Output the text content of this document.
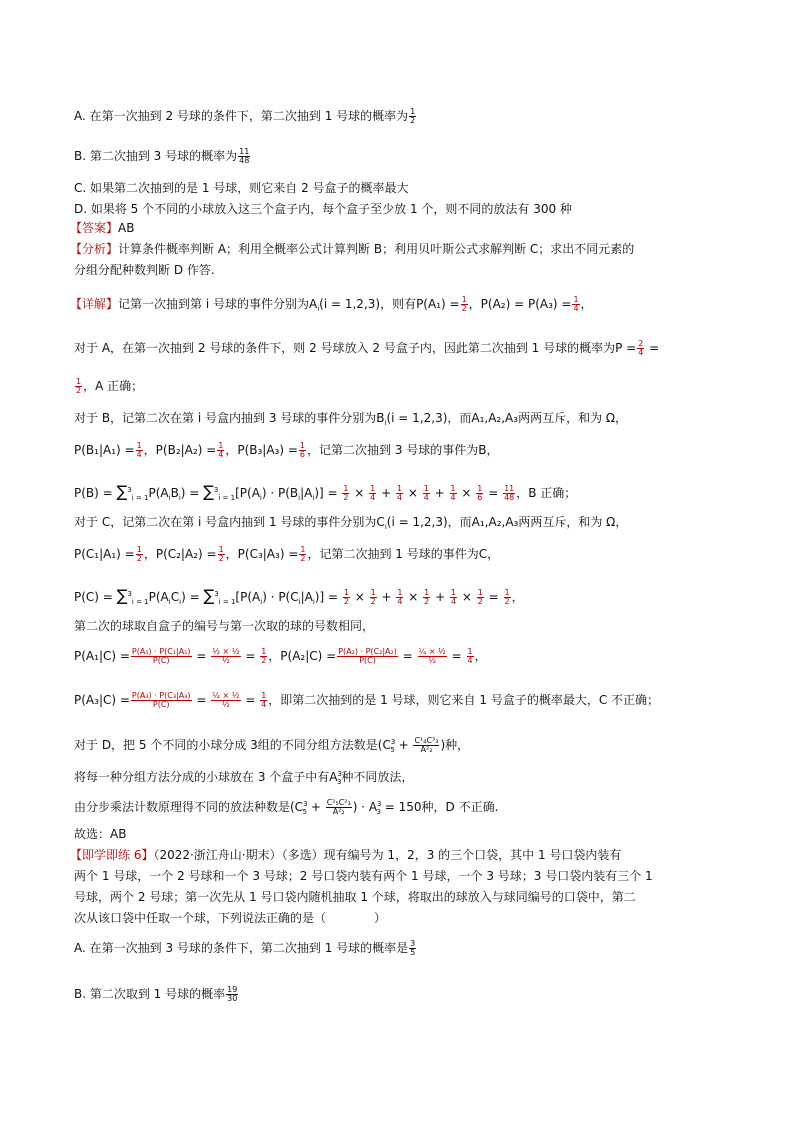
A. 在第一次抽到 2 号球的条件下，第二次抽到 1 号球的概率为 $\frac{1}{2}$
B. 第二次抽到 3 号球的概率为 $\frac{11}{48}$
C. 如果第二次抽到的是 1 号球，则它来自 2 号盒子的概率最大
D. 如果将 5 个不同的小球放入这三个盒子内，每个盒子至少放 1 个，则不同的放法有 300 种
【答案】AB
【分析】计算条件概率判断 A；利用全概率公式计算判断 B；利用贝叶斯公式求解判断 C；求出不同元素的
分组分配种数判断 D 作答.
【详解】记第一次抽到第 i 号球的事件分别为$A_i(i = 1,2,3)$，则有$P(A_1) = \frac{1}{2}$ ，$P(A_2) = P(A_3) = \frac{1}{4}$ ，
对于 A，在第一次抽到 2 号球的条件下，则 2 号球放入 2 号盒子内，因此第二次抽到 1 号球的概率为$P = \frac{2}{4}$ =
$\frac{1}{2}$ ，A 正确；
对于 B，记第二次在第 i 号盒内抽到 3 号球的事件分别为$B_i(i = 1,2,3)$，而A₁,A₂,A₃两两互斥，和为 Ω，
$P(B_1|A_1) = \frac{1}{4}$ ，$P(B_2|A_2) = \frac{1}{4}$ ，$P(B_3|A_3) = \frac{1}{6}$ ，记第二次抽到 3 号球的事件为B，
$P(B) = \sum^3_{i = 1}P(A_iB_i) = \sum^3_{i = 1}[P(A_i) \cdot P(B_i|A_i)] = \frac{1}{2} \times \frac{1}{4} + \frac{1}{4} \times \frac{1}{4} + \frac{1}{4} \times \frac{1}{6} = \frac{11}{48}$ ，B 正确；
对于 C，记第二次在第 i 号盒内抽到 1 号球的事件分别为$C_i(i = 1,2,3)$，而A₁,A₂,A₃两两互斥，和为 Ω，
$P(C_1|A_1) = \frac{1}{2}$ ，$P(C_2|A_2) = \frac{1}{2}$ ，$P(C_3|A_3) = \frac{1}{2}$ ，记第二次抽到 1 号球的事件为C，
$P(C) = \sum^3_{i = 1}P(A_iC_i) = \sum^3_{i = 1}[P(A_i) \cdot P(C_i|A_i)] = \frac{1}{2} \times \frac{1}{2} + \frac{1}{4} \times \frac{1}{2} + \frac{1}{4} \times \frac{1}{2} = \frac{1}{2}$ ，
第二次的球取自盒子的编号与第一次取的球的号数相同，
$P(A_1|C) = \frac{\text{P(A₁) · P(C₁|A₁)}}{P(C)} = \frac{\text{½ × ½}}{\text{½}} = \frac{1}{2}$ ，$P(A_2|C) = \frac{\text{P(A₂) · P(C₂|A₂)}}{P(C)} = \frac{\text{¼ × ½}}{\text{½}} = \frac{1}{4}$ ，
$P(A_3|C) = \frac{\text{P(A₃) · P(C₃|A₃)}}{P(C)} = \frac{\text{¼ × ½}}{\text{½}} = \frac{1}{4}$ ，即第二次抽到的是 1 号球，则它来自 1 号盒子的概率最大，C 不正确；
对于 D，把 5 个不同的小球分成 3组的不同分组方法数是($C^3_5 + \frac{\text{C¹₄C³₃}}{\text{A²₂}}$ )种，
将每一种分组方法分成的小球放在 3 个盒子中有$A^3_3$种不同放法，
由分步乘法计数原理得不同的放法种数是($C^3_5 + \frac{\text{C²₅C²₃}}{\text{A²₂}}$ ) · $A^3_3 = 150$种，D 不正确.
故选：AB
【即学即练 6】（2022·浙江舟山·期末）（多选）现有编号为 1，2，3 的三个口袋，其中 1 号口袋内装有
两个 1 号球，一个 2 号球和一个 3 号球；2 号口袋内装有两个 1 号球，一个 3 号球；3 号口袋内装有三个 1
号球，两个 2 号球；第一次先从 1 号口袋内随机抽取 1 个球，将取出的球放入与球同编号的口袋中，第二
次从该口袋中任取一个球，下列说法正确的是（　　　　）
A. 在第一次抽到 3 号球的条件下，第二次抽到 1 号球的概率是 $\frac{3}{5}$
B. 第二次取到 1 号球的概率 $\frac{19}{30}$
